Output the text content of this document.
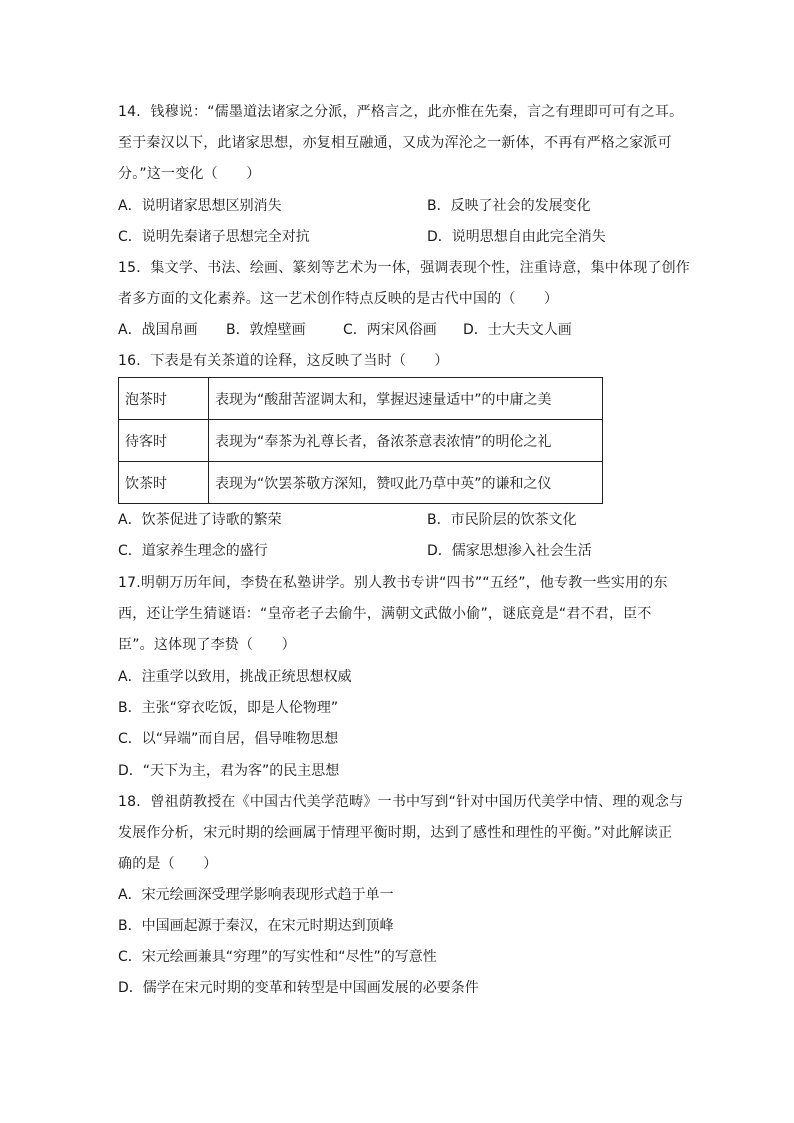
14．钱穆说：“儒墨道法诸家之分派，严格言之，此亦惟在先秦，言之有理即可可有之耳。
至于秦汉以下，此诸家思想，亦复相互融通，又成为浑沦之一新体，不再有严格之家派可
分。”这一变化（　　）
A．说明诸家思想区别消失	B．反映了社会的发展变化
C．说明先秦诸子思想完全对抗	D．说明思想自由此完全消失
15．集文学、书法、绘画、篆刻等艺术为一体，强调表现个性，注重诗意，集中体现了创作
者多方面的文化素养。这一艺术创作特点反映的是古代中国的（　　）
A．战国帛画 B．敦煌壁画	C．两宋风俗画 D．士大夫文人画
16．下表是有关茶道的诠释，这反映了当时（　　）
泡茶时	表现为“酸甜苦涩调太和，掌握迟速量适中”的中庸之美
待客时	表现为“奉茶为礼尊长者，备浓茶意表浓情”的明伦之礼
饮茶时	表现为“饮罢茶敬方深知，赞叹此乃草中英”的谦和之仪
A．饮茶促进了诗歌的繁荣	B．市民阶层的饮茶文化
C．道家养生理念的盛行	D．儒家思想渗入社会生活
17.明朝万历年间，李贽在私塾讲学。别人教书专讲“四书”“五经”，他专教一些实用的东
西，还让学生猜谜语：“皇帝老子去偷牛，满朝文武做小偷”，谜底竟是“君不君，臣不
臣”。这体现了李贽（　　）
A．注重学以致用，挑战正统思想权威
B．主张“穿衣吃饭，即是人伦物理”
C．以“异端”而自居，倡导唯物思想
D．“天下为主，君为客”的民主思想
18．曾祖荫教授在《中国古代美学范畴》一书中写到“针对中国历代美学中情、理的观念与
发展作分析，宋元时期的绘画属于情理平衡时期，达到了感性和理性的平衡。”对此解读正
确的是（　　）
A．宋元绘画深受理学影响表现形式趋于单一
B．中国画起源于秦汉，在宋元时期达到顶峰
C．宋元绘画兼具“穷理”的写实性和“尽性”的写意性
D．儒学在宋元时期的变革和转型是中国画发展的必要条件
